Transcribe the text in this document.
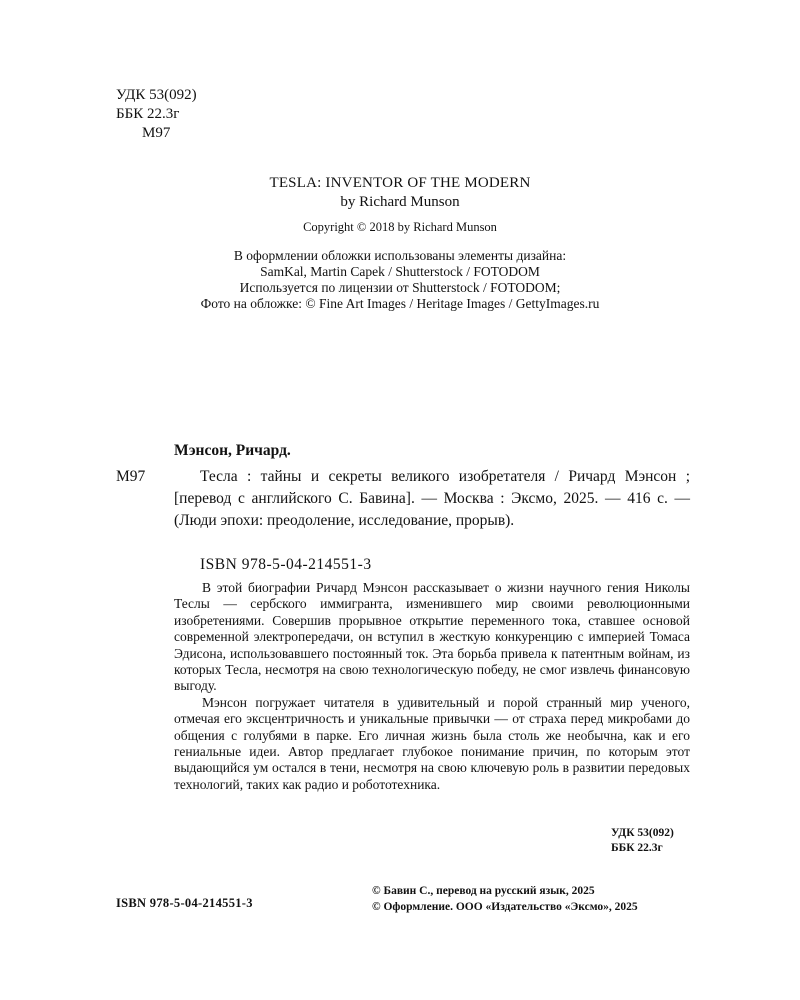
УДК 53(092)
ББК 22.3г
М97
TESLA: INVENTOR OF THE MODERN
by Richard Munson
Copyright © 2018 by Richard Munson
В оформлении обложки использованы элементы дизайна:
SamKal, Martin Capek / Shutterstock / FOTODOM
Используется по лицензии от Shutterstock / FOTODOM;
Фото на обложке: © Fine Art Images / Heritage Images / GettyImages.ru
Мэнсон, Ричард.
М97	Тесла : тайны и секреты великого изобретателя / Ричард Мэнсон ; [перевод с английского С. Бавина]. — Москва : Эксмо, 2025. — 416 с. — (Люди эпохи: преодоление, исследование, прорыв).
ISBN 978-5-04-214551-3

В этой биографии Ричард Мэнсон рассказывает о жизни научного гения Николы Теслы — сербского иммигранта, изменившего мир своими революционными изобретениями. Совершив прорывное открытие переменного тока, ставшее основой современной электропередачи, он вступил в жесткую конкуренцию с империей Томаса Эдисона, использовавшего постоянный ток. Эта борьба привела к патентным войнам, из которых Тесла, несмотря на свою технологическую победу, не смог извлечь финансовую выгоду.

Мэнсон погружает читателя в удивительный и порой странный мир ученого, отмечая его эксцентричность и уникальные привычки — от страха перед микробами до общения с голубями в парке. Его личная жизнь была столь же необычна, как и его гениальные идеи. Автор предлагает глубокое понимание причин, по которым этот выдающийся ум остался в тени, несмотря на свою ключевую роль в развитии передовых технологий, таких как радио и робототехника.

УДК 53(092)
ББК 22.3г
ISBN 978-5-04-214551-3
© Бавин С., перевод на русский язык, 2025
© Оформление. ООО «Издательство «Эксмо», 2025
